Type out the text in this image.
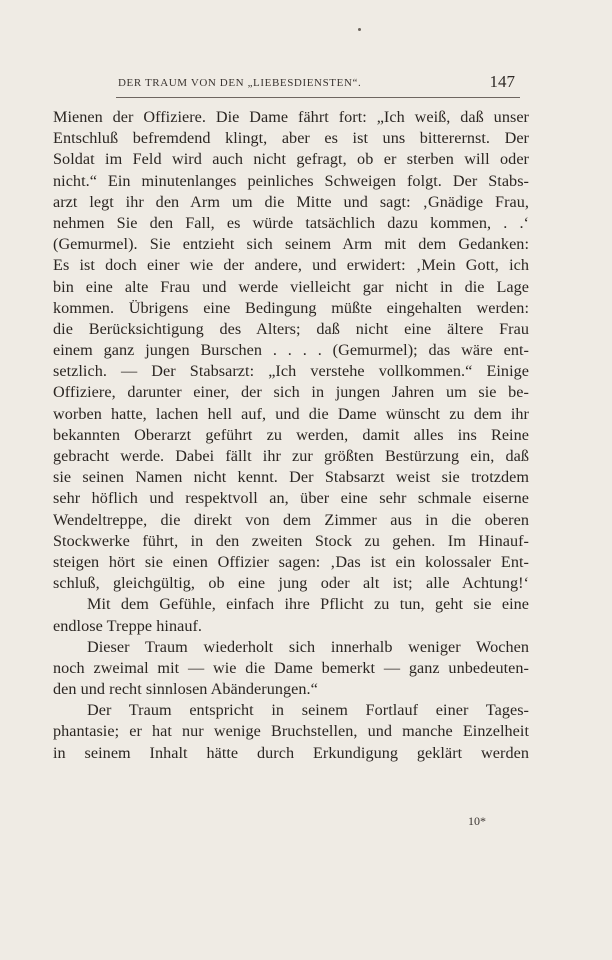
DER TRAUM VON DEN „LIEBESDIENSTEN“.	147
Mienen der Offiziere. Die Dame fährt fort: „Ich weiß, daß unser
Entschluß befremdend klingt, aber es ist uns bitterernst. Der
Soldat im Feld wird auch nicht gefragt, ob er sterben will oder
nicht.“ Ein minutenlanges peinliches Schweigen folgt. Der Stabs-
arzt legt ihr den Arm um die Mitte und sagt: ‚Gnädige Frau,
nehmen Sie den Fall, es würde tatsächlich dazu kommen, . .‘
(Gemurmel). Sie entzieht sich seinem Arm mit dem Gedanken:
Es ist doch einer wie der andere, und erwidert: ‚Mein Gott, ich
bin eine alte Frau und werde vielleicht gar nicht in die Lage
kommen. Übrigens eine Bedingung müßte eingehalten werden:
die Berücksichtigung des Alters; daß nicht eine ältere Frau
einem ganz jungen Burschen . . . . (Gemurmel); das wäre ent-
setzlich. — Der Stabsarzt: „Ich verstehe vollkommen.“ Einige
Offiziere, darunter einer, der sich in jungen Jahren um sie be-
worben hatte, lachen hell auf, und die Dame wünscht zu dem ihr
bekannten Oberarzt geführt zu werden, damit alles ins Reine
gebracht werde. Dabei fällt ihr zur größten Bestürzung ein, daß
sie seinen Namen nicht kennt. Der Stabsarzt weist sie trotzdem
sehr höflich und respektvoll an, über eine sehr schmale eiserne
Wendeltreppe, die direkt von dem Zimmer aus in die oberen
Stockwerke führt, in den zweiten Stock zu gehen. Im Hinauf-
steigen hört sie einen Offizier sagen: ‚Das ist ein kolossaler Ent-
schluß, gleichgültig, ob eine jung oder alt ist; alle Achtung!‘
Mit dem Gefühle, einfach ihre Pflicht zu tun, geht sie eine
endlose Treppe hinauf.
Dieser Traum wiederholt sich innerhalb weniger Wochen
noch zweimal mit — wie die Dame bemerkt — ganz unbedeuten-
den und recht sinnlosen Abänderungen.“
Der Traum entspricht in seinem Fortlauf einer Tages-
phantasie; er hat nur wenige Bruchstellen, und manche Einzelheit
in seinem Inhalt hätte durch Erkundigung geklärt werden
10*
